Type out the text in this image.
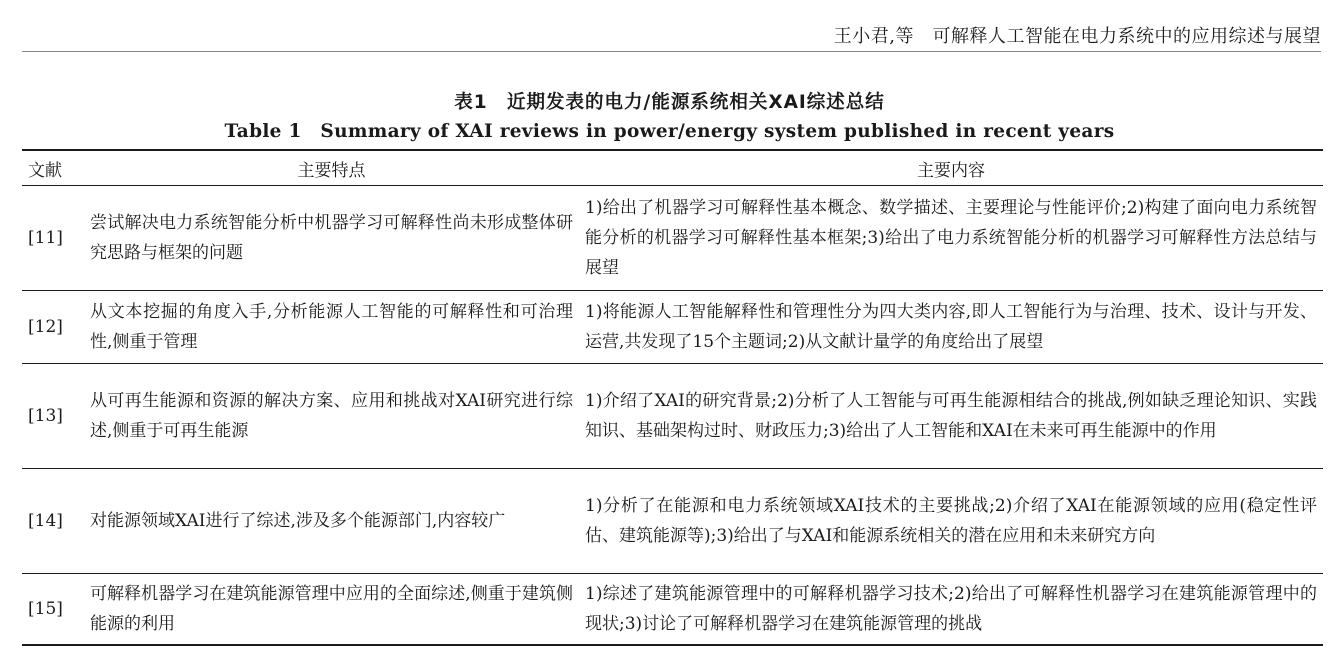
王小君,等　可解释人工智能在电力系统中的应用综述与展望
表1　近期发表的电力/能源系统相关XAI综述总结
Table 1　Summary of XAI reviews in power/energy system published in recent years
文献	主要特点	主要内容
[11]	尝试解决电力系统智能分析中机器学习可解释性尚未形成整体研究思路与框架的问题	1)给出了机器学习可解释性基本概念、数学描述、主要理论与性能评价;2)构建了面向电力系统智能分析的机器学习可解释性基本框架;3)给出了电力系统智能分析的机器学习可解释性方法总结与展望
[12]	从文本挖掘的角度入手,分析能源人工智能的可解释性和可治理性,侧重于管理	1)将能源人工智能解释性和管理性分为四大类内容,即人工智能行为与治理、技术、设计与开发、运营,共发现了15个主题词;2)从文献计量学的角度给出了展望
[13]	从可再生能源和资源的解决方案、应用和挑战对XAI研究进行综述,侧重于可再生能源	1)介绍了XAI的研究背景;2)分析了人工智能与可再生能源相结合的挑战,例如缺乏理论知识、实践知识、基础架构过时、财政压力;3)给出了人工智能和XAI在未来可再生能源中的作用
[14]	对能源领域XAI进行了综述,涉及多个能源部门,内容较广	1)分析了在能源和电力系统领域XAI技术的主要挑战;2)介绍了XAI在能源领域的应用(稳定性评估、建筑能源等);3)给出了与XAI和能源系统相关的潜在应用和未来研究方向
[15]	可解释机器学习在建筑能源管理中应用的全面综述,侧重于建筑侧能源的利用	1)综述了建筑能源管理中的可解释机器学习技术;2)给出了可解释性机器学习在建筑能源管理中的现状;3)讨论了可解释机器学习在建筑能源管理的挑战
